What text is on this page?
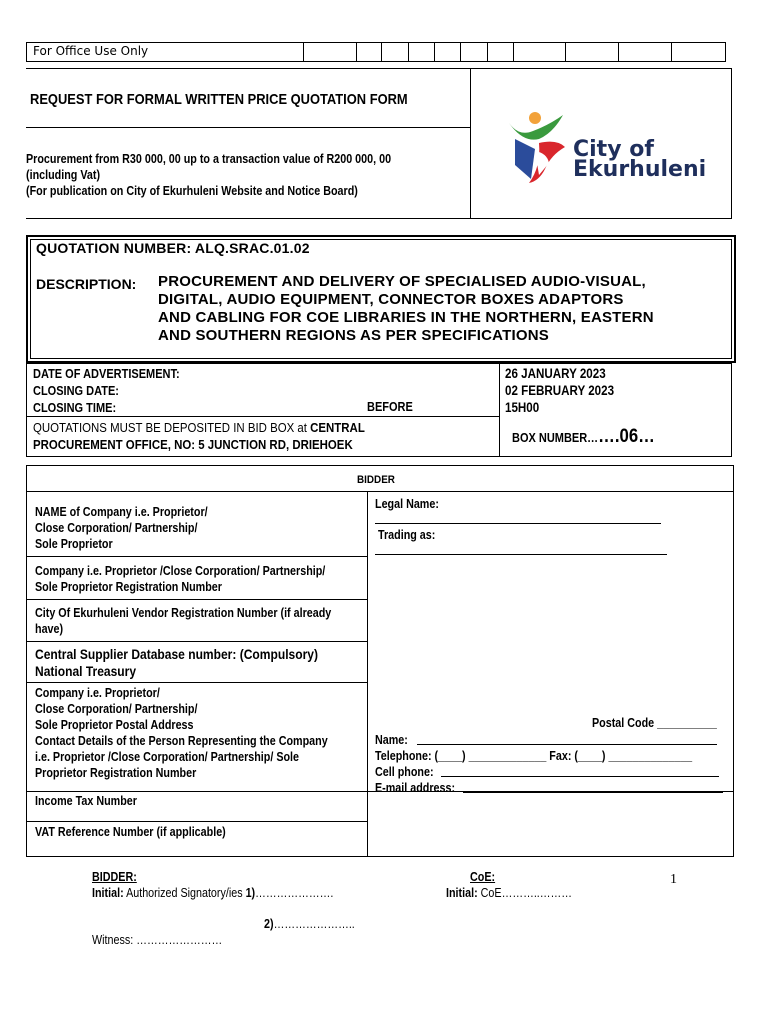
For Office Use Only
REQUEST FOR FORMAL WRITTEN PRICE QUOTATION FORM
Procurement from R30 000, 00 up to a transaction value of R200 000, 00
(including Vat)
(For publication on City of Ekurhuleni Website and Notice Board)
City of
Ekurhuleni
QUOTATION NUMBER: ALQ.SRAC.01.02
DESCRIPTION: PROCUREMENT AND DELIVERY OF SPECIALISED AUDIO-VISUAL,
DIGITAL, AUDIO EQUIPMENT, CONNECTOR BOXES ADAPTORS
AND CABLING FOR COE LIBRARIES IN THE NORTHERN, EASTERN
AND SOUTHERN REGIONS AS PER SPECIFICATIONS
DATE OF ADVERTISEMENT:
CLOSING DATE:
CLOSING TIME:	BEFORE
26 JANUARY 2023
02 FEBRUARY 2023
15H00
QUOTATIONS MUST BE DEPOSITED IN BID BOX at CENTRAL
PROCUREMENT OFFICE, NO: 5 JUNCTION RD, DRIEHOEK	BOX NUMBER…….06…
BIDDER
NAME of Company i.e. Proprietor/
Close Corporation/ Partnership/
Sole Proprietor
Legal Name:
Trading as:
Company i.e. Proprietor /Close Corporation/ Partnership/
Sole Proprietor Registration Number
City Of Ekurhuleni Vendor Registration Number (if already
have)
Central Supplier Database number: (Compulsory)
National Treasury
Company i.e. Proprietor/
Close Corporation/ Partnership/
Sole Proprietor Postal Address
Contact Details of the Person Representing the Company
i.e. Proprietor /Close Corporation/ Partnership/ Sole
Proprietor Registration Number
Postal Code __________
Name:
Telephone: (____) _____________ Fax: (____) ______________
Cell phone:
E-mail address:
Income Tax Number
VAT Reference Number (if applicable)
BIDDER:
Initial: Authorized Signatory/ies 1)………………….
2)…………………..
Witness: ……………………
CoE:
Initial: CoE………..………
1
